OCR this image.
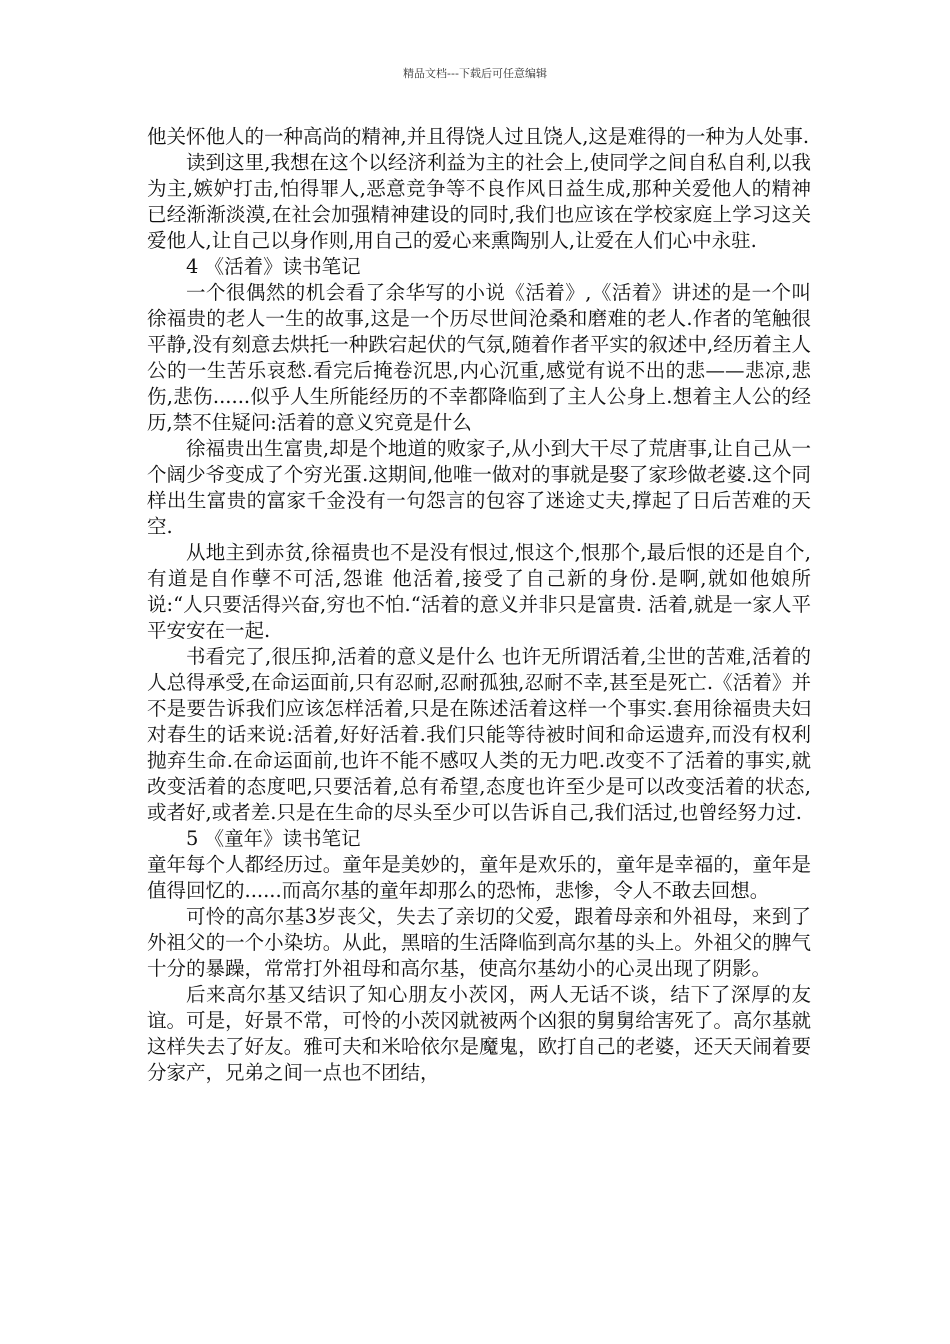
精品文档---下载后可任意编辑

他关怀他人的一种高尚的精神,并且得饶人过且饶人,这是难得的一种为人处事.

读到这里,我想在这个以经济利益为主的社会上,使同学之间自私自利,以我为主,嫉妒打击,怕得罪人,恶意竞争等不良作风日益生成,那种关爱他人的精神已经渐渐淡漠,在社会加强精神建设的同时,我们也应该在学校家庭上学习这关爱他人,让自己以身作则,用自己的爱心来熏陶别人,让爱在人们心中永驻.

4 《活着》读书笔记

一个很偶然的机会看了余华写的小说《活着》,《活着》讲述的是一个叫徐福贵的老人一生的故事,这是一个历尽世间沧桑和磨难的老人.作者的笔触很平静,没有刻意去烘托一种跌宕起伏的气氛,随着作者平实的叙述中,经历着主人公的一生苦乐哀愁.看完后掩卷沉思,内心沉重,感觉有说不出的悲——悲凉,悲伤,悲伤......似乎人生所能经历的不幸都降临到了主人公身上.想着主人公的经历,禁不住疑问:活着的意义究竟是什么

徐福贵出生富贵,却是个地道的败家子,从小到大干尽了荒唐事,让自己从一个阔少爷变成了个穷光蛋.这期间,他唯一做对的事就是娶了家珍做老婆.这个同样出生富贵的富家千金没有一句怨言的包容了迷途丈夫,撑起了日后苦难的天空.

从地主到赤贫,徐福贵也不是没有恨过,恨这个,恨那个,最后恨的还是自个,有道是自作孽不可活,怨谁 他活着,接受了自己新的身份.是啊,就如他娘所说:“人只要活得兴奋,穷也不怕.“活着的意义并非只是富贵. 活着,就是一家人平平安安在一起.

书看完了,很压抑,活着的意义是什么 也许无所谓活着,尘世的苦难,活着的人总得承受,在命运面前,只有忍耐,忍耐孤独,忍耐不幸,甚至是死亡.《活着》并不是要告诉我们应该怎样活着,只是在陈述活着这样一个事实.套用徐福贵夫妇对春生的话来说:活着,好好活着.我们只能等待被时间和命运遗弃,而没有权利抛弃生命.在命运面前,也许不能不感叹人类的无力吧.改变不了活着的事实,就改变活着的态度吧,只要活着,总有希望,态度也许至少是可以改变活着的状态,或者好,或者差.只是在生命的尽头至少可以告诉自己,我们活过,也曾经努力过.

5 《童年》读书笔记

童年每个人都经历过。童年是美妙的，童年是欢乐的，童年是幸福的，童年是值得回忆的......而高尔基的童年却那么的恐怖，悲惨，令人不敢去回想。

可怜的高尔基3岁丧父，失去了亲切的父爱，跟着母亲和外祖母，来到了外祖父的一个小染坊。从此，黑暗的生活降临到高尔基的头上。外祖父的脾气十分的暴躁，常常打外祖母和高尔基，使高尔基幼小的心灵出现了阴影。

后来高尔基又结识了知心朋友小茨冈，两人无话不谈，结下了深厚的友谊。可是，好景不常，可怜的小茨冈就被两个凶狠的舅舅给害死了。高尔基就这样失去了好友。雅可夫和米哈依尔是魔鬼，欧打自己的老婆，还天天闹着要分家产，兄弟之间一点也不团结，
